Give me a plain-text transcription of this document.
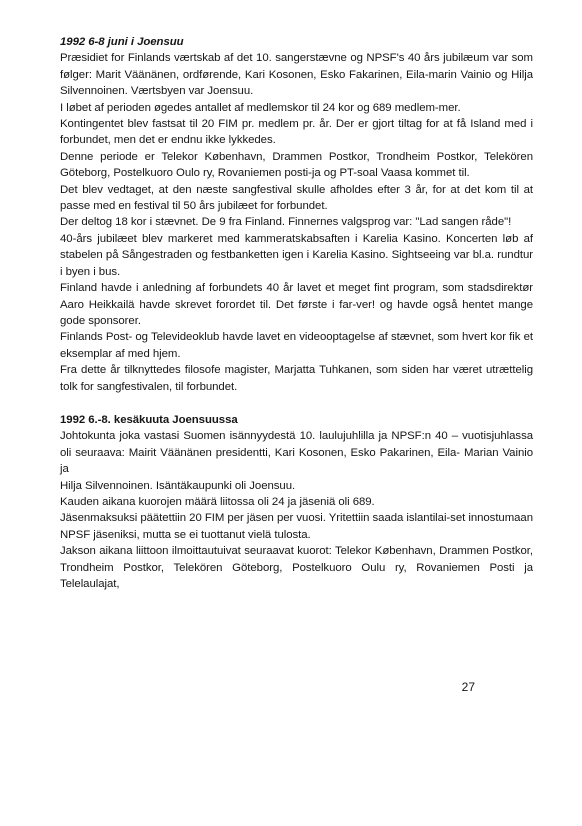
1992 6-8 juni i Joensuu

Præsidiet for Finlands værtskab af det 10. sangerstævne og NPSF's 40 års jubilæum var som følger: Marit Väänänen, ordførende, Kari Kosonen, Esko Fakarinen, Eila-marin Vainio og Hilja Silvennoinen. Værtsbyen var Joensuu.

I løbet af perioden øgedes antallet af medlemskor til 24 kor og 689 medlem-mer.

Kontingentet blev fastsat til 20 FIM pr. medlem pr. år. Der er gjort tiltag for at få Island med i forbundet, men det er endnu ikke lykkedes.

Denne periode er Telekor København, Drammen Postkor, Trondheim Postkor, Telekören Göteborg, Postelkuoro Oulo ry, Rovaniemen posti-ja og PT-soal Vaasa kommet til.

Det blev vedtaget, at den næste sangfestival skulle afholdes efter 3 år, for at det kom til at passe med en festival til 50 års jubilæet for forbundet.

Der deltog 18 kor i stævnet. De 9 fra Finland. Finnernes valgsprog var: "Lad sangen råde"!

40-års jubilæet blev markeret med kammeratskabsaften i Karelia Kasino. Koncerten løb af stabelen på Sångestraden og festbanketten igen i Karelia Kasino. Sightseeing var bl.a. rundtur i byen i bus.

Finland havde i anledning af forbundets 40 år lavet et meget fint program, som stadsdirektør Aaro Heikkailä havde skrevet forordet til. Det første i far-ver! og havde også hentet mange gode sponsorer.

Finlands Post- og Televideoklub havde lavet en videooptagelse af stævnet, som hvert kor fik et eksemplar af med hjem.

Fra dette år tilknyttedes filosofe magister, Marjatta Tuhkanen, som siden har været utrættelig tolk for sangfestivalen, til forbundet.

1992 6.-8. kesäkuuta Joensuussa

Johtokunta joka vastasi Suomen isännyydestä 10. laulujuhlilla ja NPSF:n 40 – vuotisjuhlassa oli seuraava: Mairit Väänänen presidentti, Kari Kosonen, Esko Pakarinen, Eila- Marian Vainio ja

Hilja Silvennoinen. Isäntäkaupunki oli Joensuu.

Kauden aikana kuorojen määrä liitossa oli 24 ja jäseniä oli 689.

Jäsenmaksuksi päätettiin 20 FIM per jäsen per vuosi. Yritettiin saada islantilai-set innostumaan

NPSF jäseniksi, mutta se ei tuottanut vielä tulosta.

Jakson aikana liittoon ilmoittautuivat seuraavat kuorot: Telekor København, Drammen Postkor, Trondheim Postkor, Telekören Göteborg, Postelkuoro Oulu ry, Rovaniemen Posti ja Telelaulajat,

27
